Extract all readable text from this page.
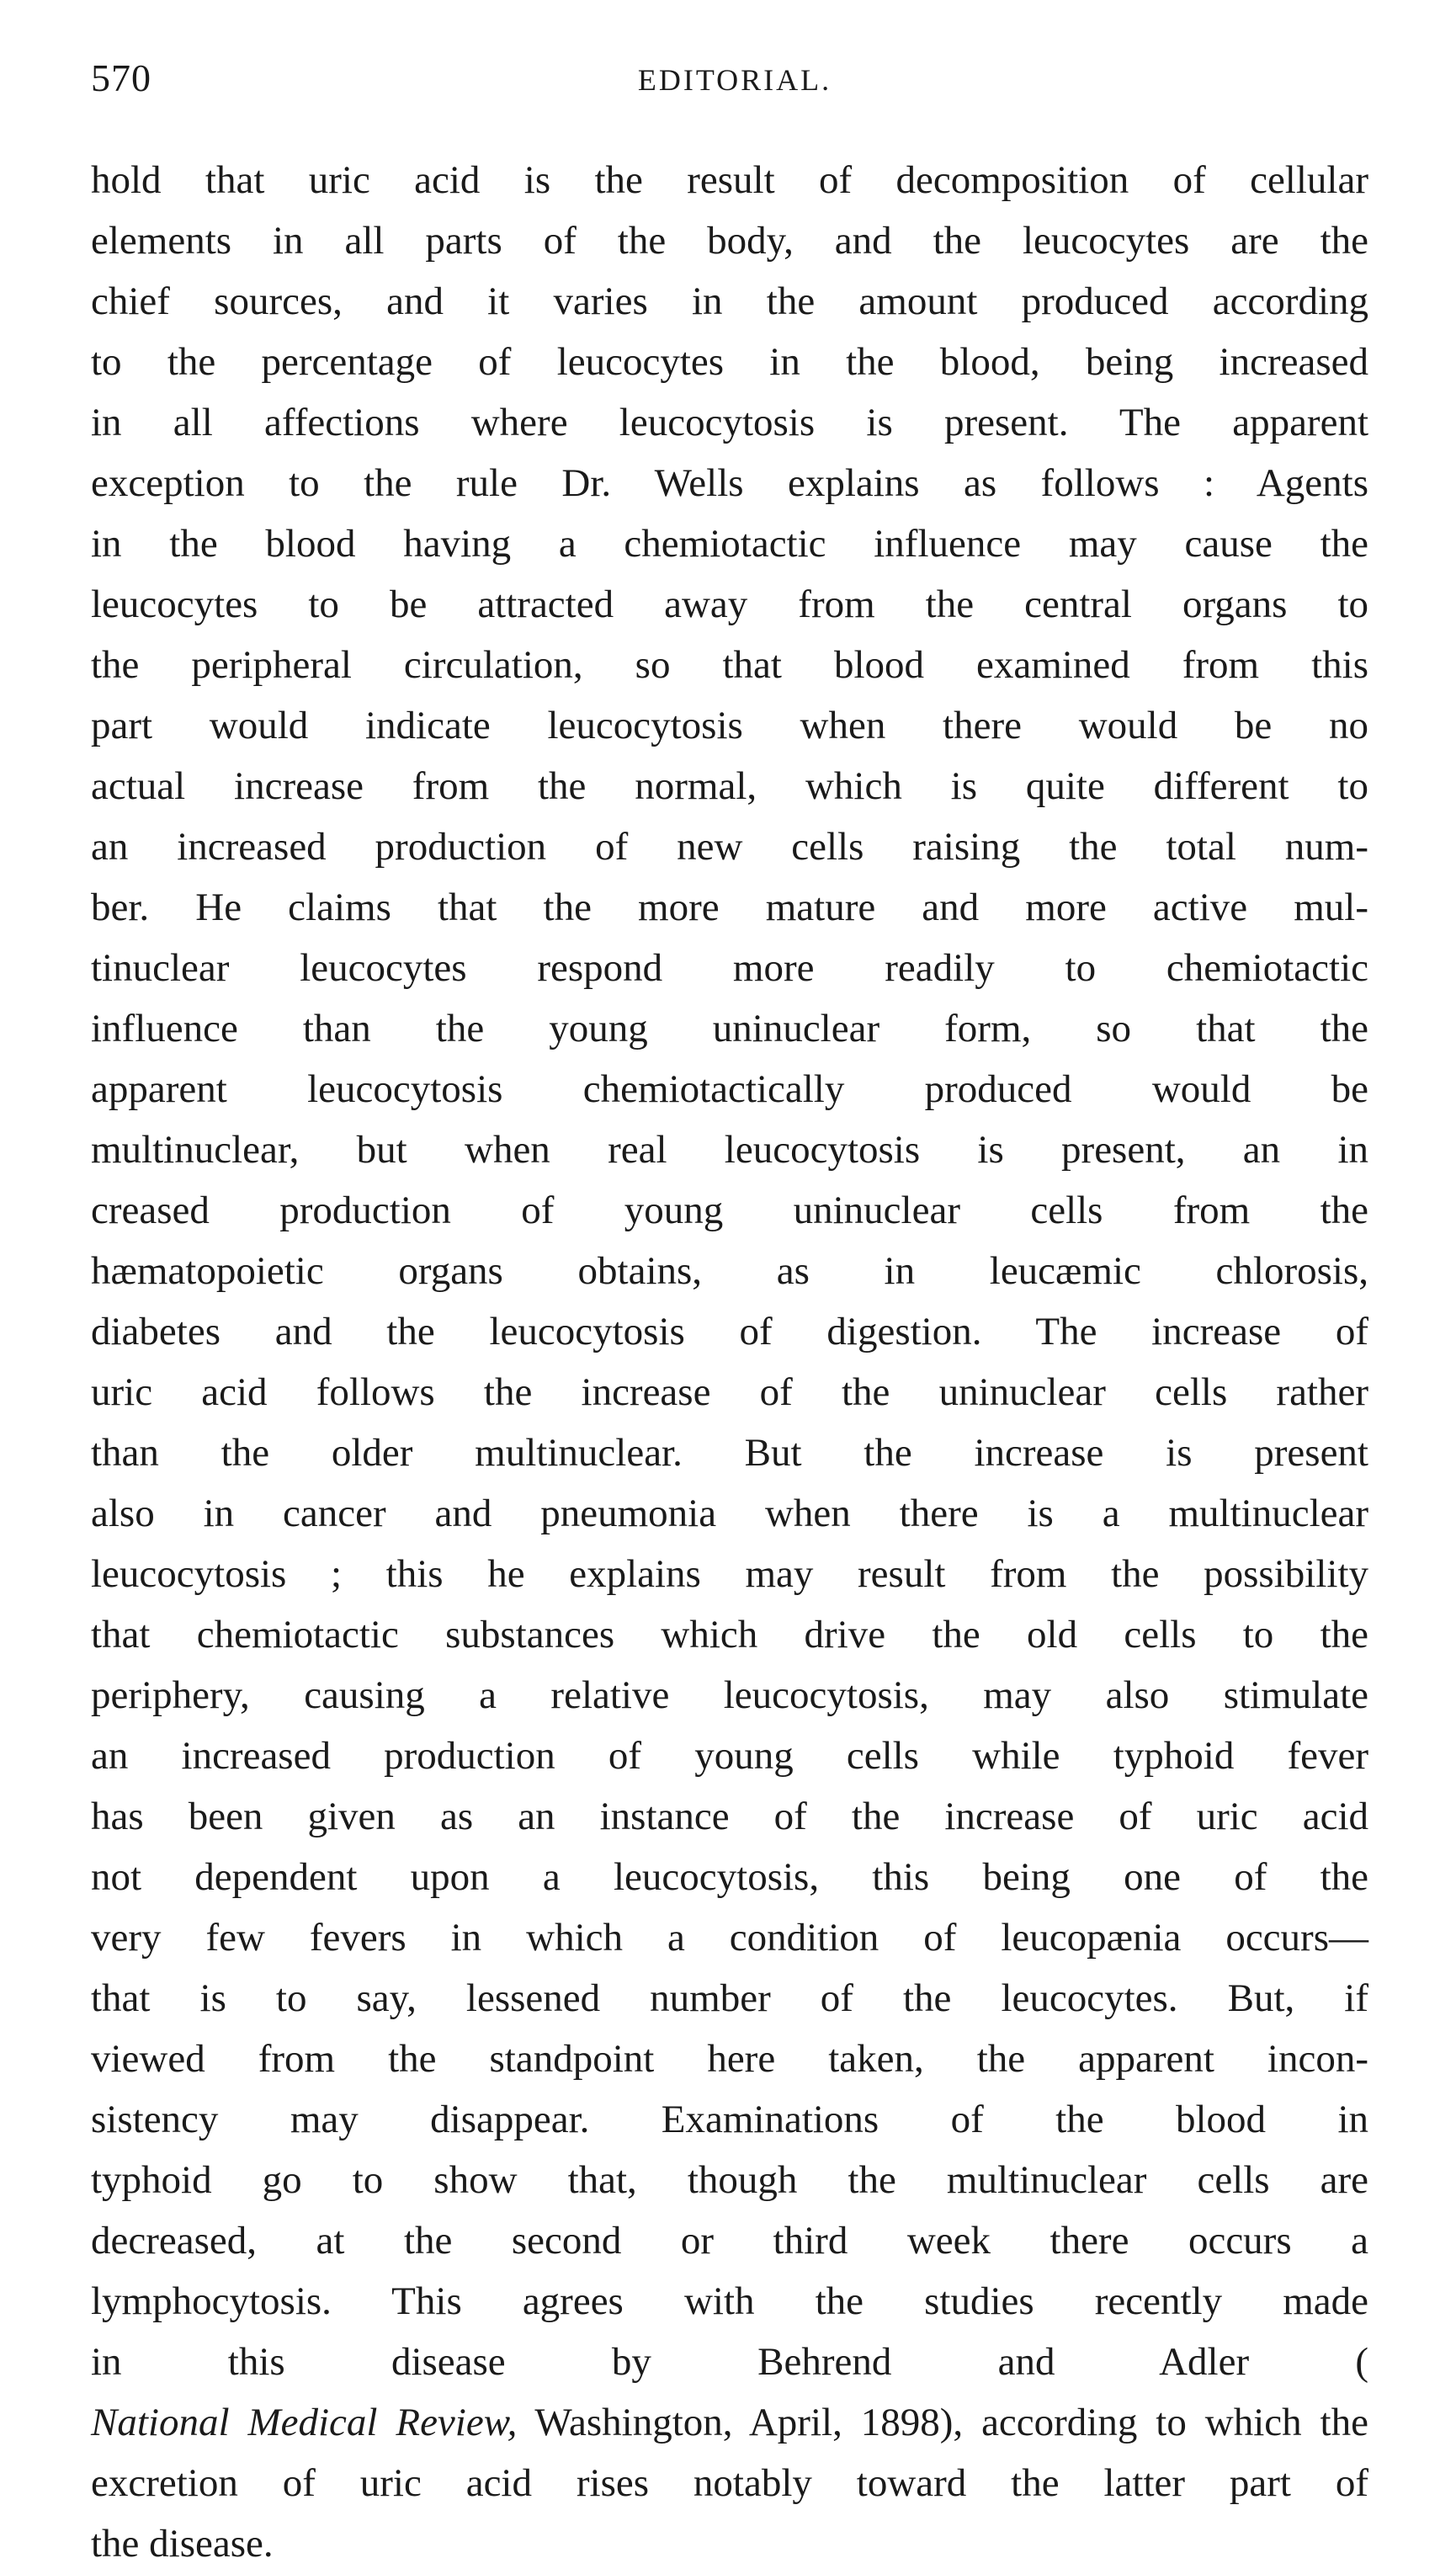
570	EDITORIAL.
hold that uric acid is the result of decomposition of cellular
elements in all parts of the body, and the leucocytes are the
chief sources, and it varies in the amount produced according
to the percentage of leucocytes in the blood, being increased
in all affections where leucocytosis is present. The apparent
exception to the rule Dr. Wells explains as follows : Agents
in the blood having a chemiotactic influence may cause the
leucocytes to be attracted away from the central organs to
the peripheral circulation, so that blood examined from this
part would indicate leucocytosis when there would be no
actual increase from the normal, which is quite different to
an increased production of new cells raising the total num-
ber. He claims that the more mature and more active mul-
tinuclear leucocytes respond more readily to chemiotactic
influence than the young uninuclear form, so that the
apparent leucocytosis chemiotactically produced would be
multinuclear, but when real leucocytosis is present, an in
creased production of young uninuclear cells from the
hæmatopoietic organs obtains, as in leucæmic chlorosis,
diabetes and the leucocytosis of digestion. The increase of
uric acid follows the increase of the uninuclear cells rather
than the older multinuclear. But the increase is present
also in cancer and pneumonia when there is a multinuclear
leucocytosis ; this he explains may result from the possibility
that chemiotactic substances which drive the old cells to the
periphery, causing a relative leucocytosis, may also stimulate
an increased production of young cells while typhoid fever
has been given as an instance of the increase of uric acid
not dependent upon a leucocytosis, this being one of the
very few fevers in which a condition of leucopænia occurs—
that is to say, lessened number of the leucocytes. But, if
viewed from the standpoint here taken, the apparent incon-
sistency may disappear. Examinations of the blood in
typhoid go to show that, though the multinuclear cells are
decreased, at the second or third week there occurs a
lymphocytosis. This agrees with the studies recently made
in this disease by Behrend and Adler (
National Medical Review, Washington, April, 1898), according to which the
excretion of uric acid rises notably toward the latter part of
the disease.
